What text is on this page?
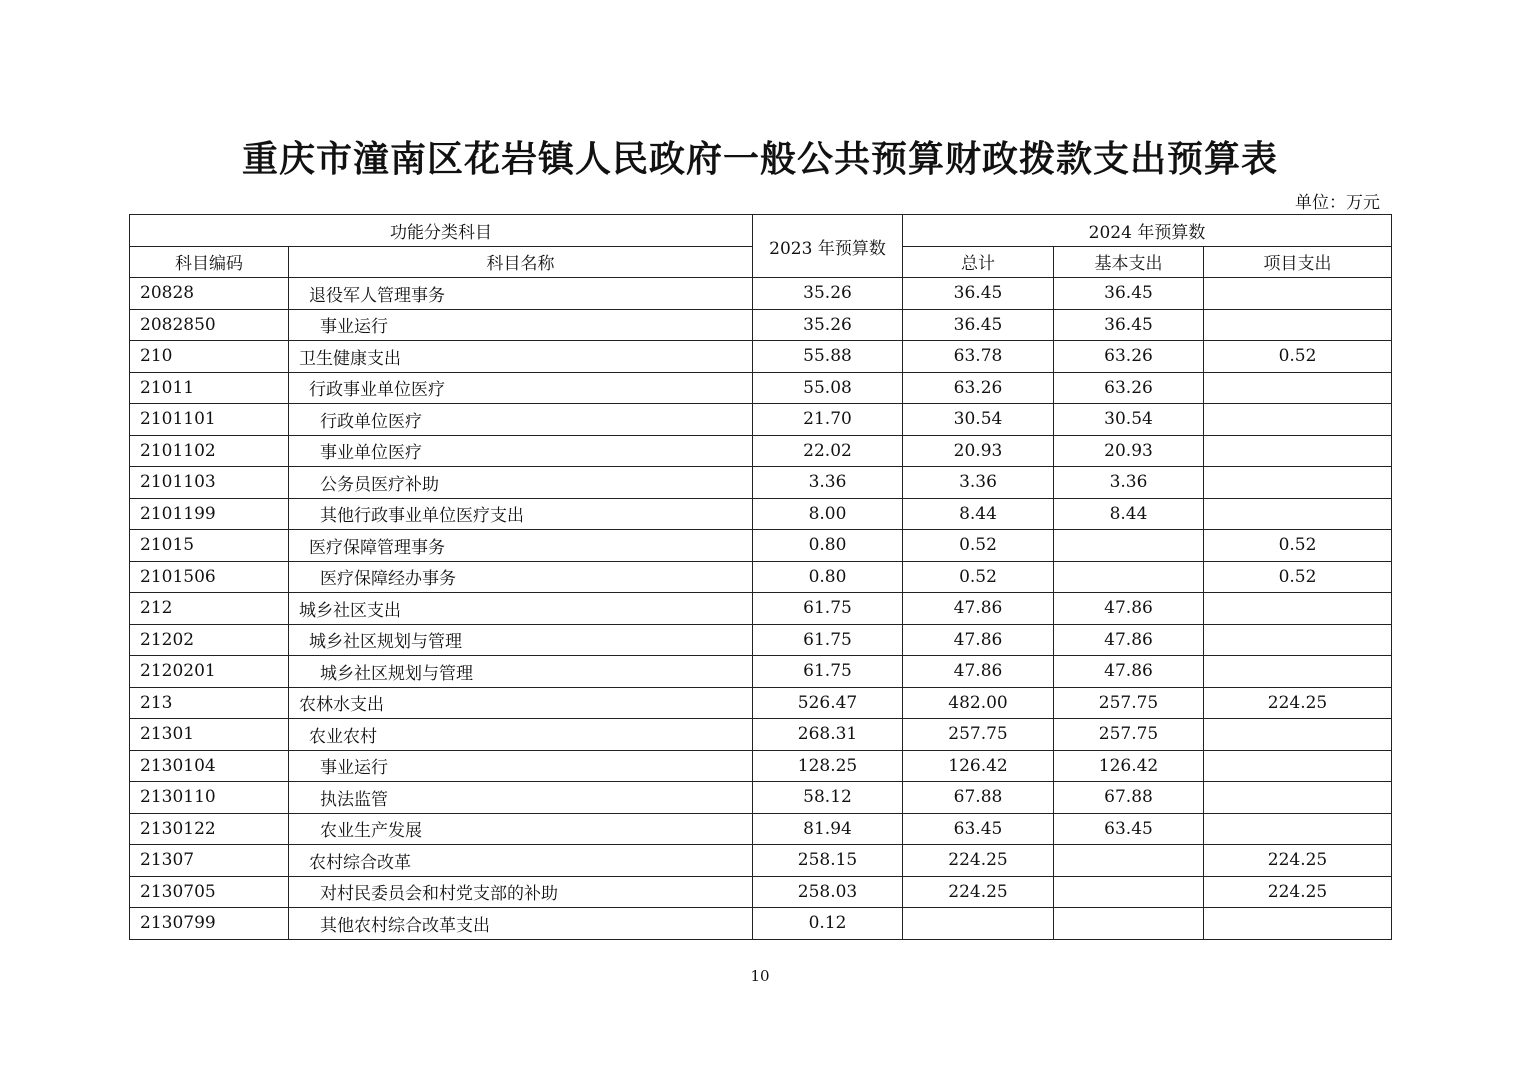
重庆市潼南区花岩镇人民政府一般公共预算财政拨款支出预算表
单位：万元
功能分类科目		2023 年预算数	2024 年预算数		
科目编码	科目名称		总计	基本支出	项目支出
20828	退役军人管理事务	35.26	36.45	36.45	
2082850	事业运行	35.26	36.45	36.45	
210	卫生健康支出	55.88	63.78	63.26	0.52
21011	行政事业单位医疗	55.08	63.26	63.26	
2101101	行政单位医疗	21.70	30.54	30.54	
2101102	事业单位医疗	22.02	20.93	20.93	
2101103	公务员医疗补助	3.36	3.36	3.36	
2101199	其他行政事业单位医疗支出	8.00	8.44	8.44	
21015	医疗保障管理事务	0.80	0.52		0.52
2101506	医疗保障经办事务	0.80	0.52		0.52
212	城乡社区支出	61.75	47.86	47.86	
21202	城乡社区规划与管理	61.75	47.86	47.86	
2120201	城乡社区规划与管理	61.75	47.86	47.86	
213	农林水支出	526.47	482.00	257.75	224.25
21301	农业农村	268.31	257.75	257.75	
2130104	事业运行	128.25	126.42	126.42	
2130110	执法监管	58.12	67.88	67.88	
2130122	农业生产发展	81.94	63.45	63.45	
21307	农村综合改革	258.15	224.25		224.25
2130705	对村民委员会和村党支部的补助	258.03	224.25		224.25
2130799	其他农村综合改革支出	0.12			
10
